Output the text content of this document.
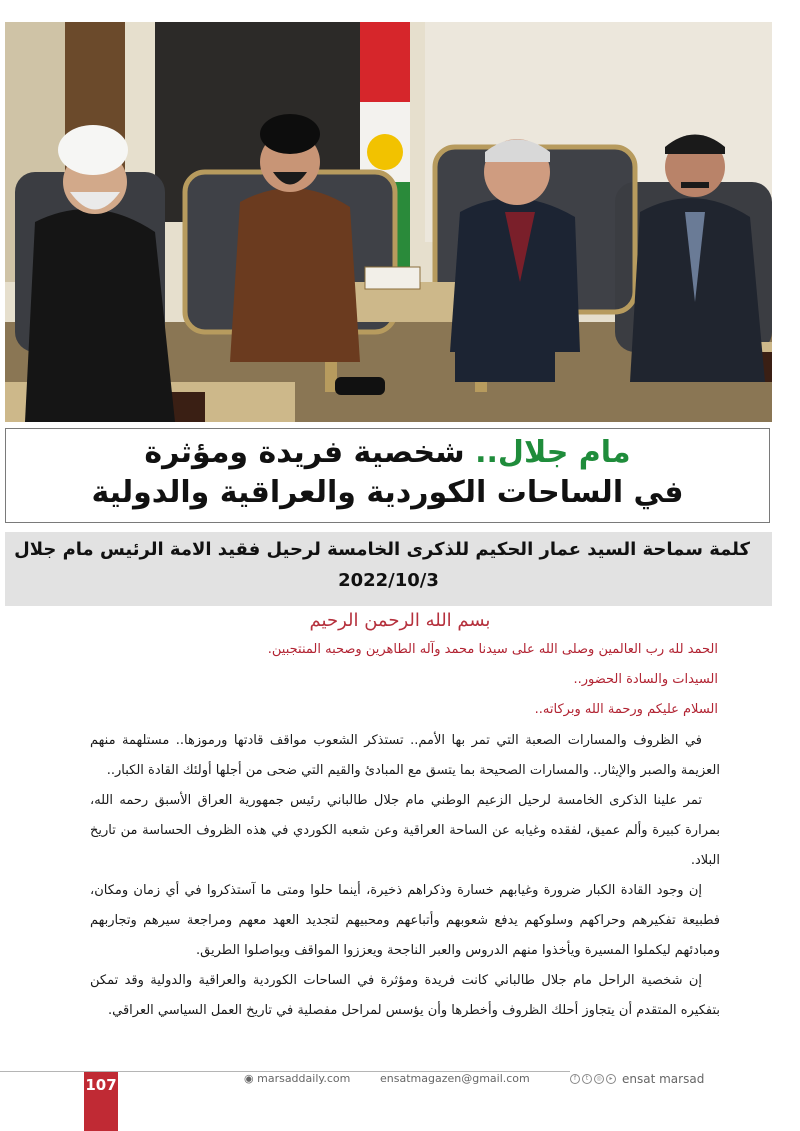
مام جلال.. شخصية فريدة ومؤثرة
في الساحات الكوردية والعراقية والدولية
كلمة سماحة السيد عمار الحكيم للذكرى الخامسة لرحيل فقيد الامة الرئيس مام جلال
2022/10/3
بسم الله الرحمن الرحيم
الحمد لله رب العالمين وصلى الله على سيدنا محمد وآله الطاهرين وصحبه المنتجبين.
السيدات والسادة الحضور..
السلام عليكم ورحمة الله وبركاته..

في الظروف والمسارات الصعبة التي تمر بها الأمم.. تستذكر الشعوب مواقف قادتها ورموزها.. مستلهمة منهم العزيمة والصبر والإيثار.. والمسارات الصحيحة بما يتسق مع المبادئ والقيم التي ضحى من أجلها أولئك القادة الكبار..

تمر علينا الذكرى الخامسة لرحيل الزعيم الوطني مام جلال طالباني رئيس جمهورية العراق الأسبق رحمه الله، بمرارة كبيرة وألم عميق، لفقده وغيابه عن الساحة العراقية وعن شعبه الكوردي في هذه الظروف الحساسة من تاريخ البلاد.

إن وجود القادة الكبار ضرورة وغيابهم خسارة وذكراهم ذخيرة، أينما حلوا ومتى ما آستذكروا في أي زمان ومكان، فطبيعة تفكيرهم وحراكهم وسلوكهم يدفع شعوبهم وأتباعهم ومحبيهم لتجديد العهد معهم ومراجعة سيرهم وتجاربهم ومبادئهم ليكملوا المسيرة ويأخذوا منهم الدروس والعبر الناجحة ويعززوا المواقف ويواصلوا الطريق.

إن شخصية الراحل مام جلال طالباني كانت فريدة ومؤثرة في الساحات الكوردية والعراقية والدولية وقد تمكن بتفكيره المتقدم أن يتجاوز أحلك الظروف وأخطرها وأن يؤسس لمراحل مفصلية في تاريخ العمل السياسي العراقي.

107	◉ marsaddaily.com	ensatmagazen@gmail.com	f	t	◎	▸ ensat marsad
